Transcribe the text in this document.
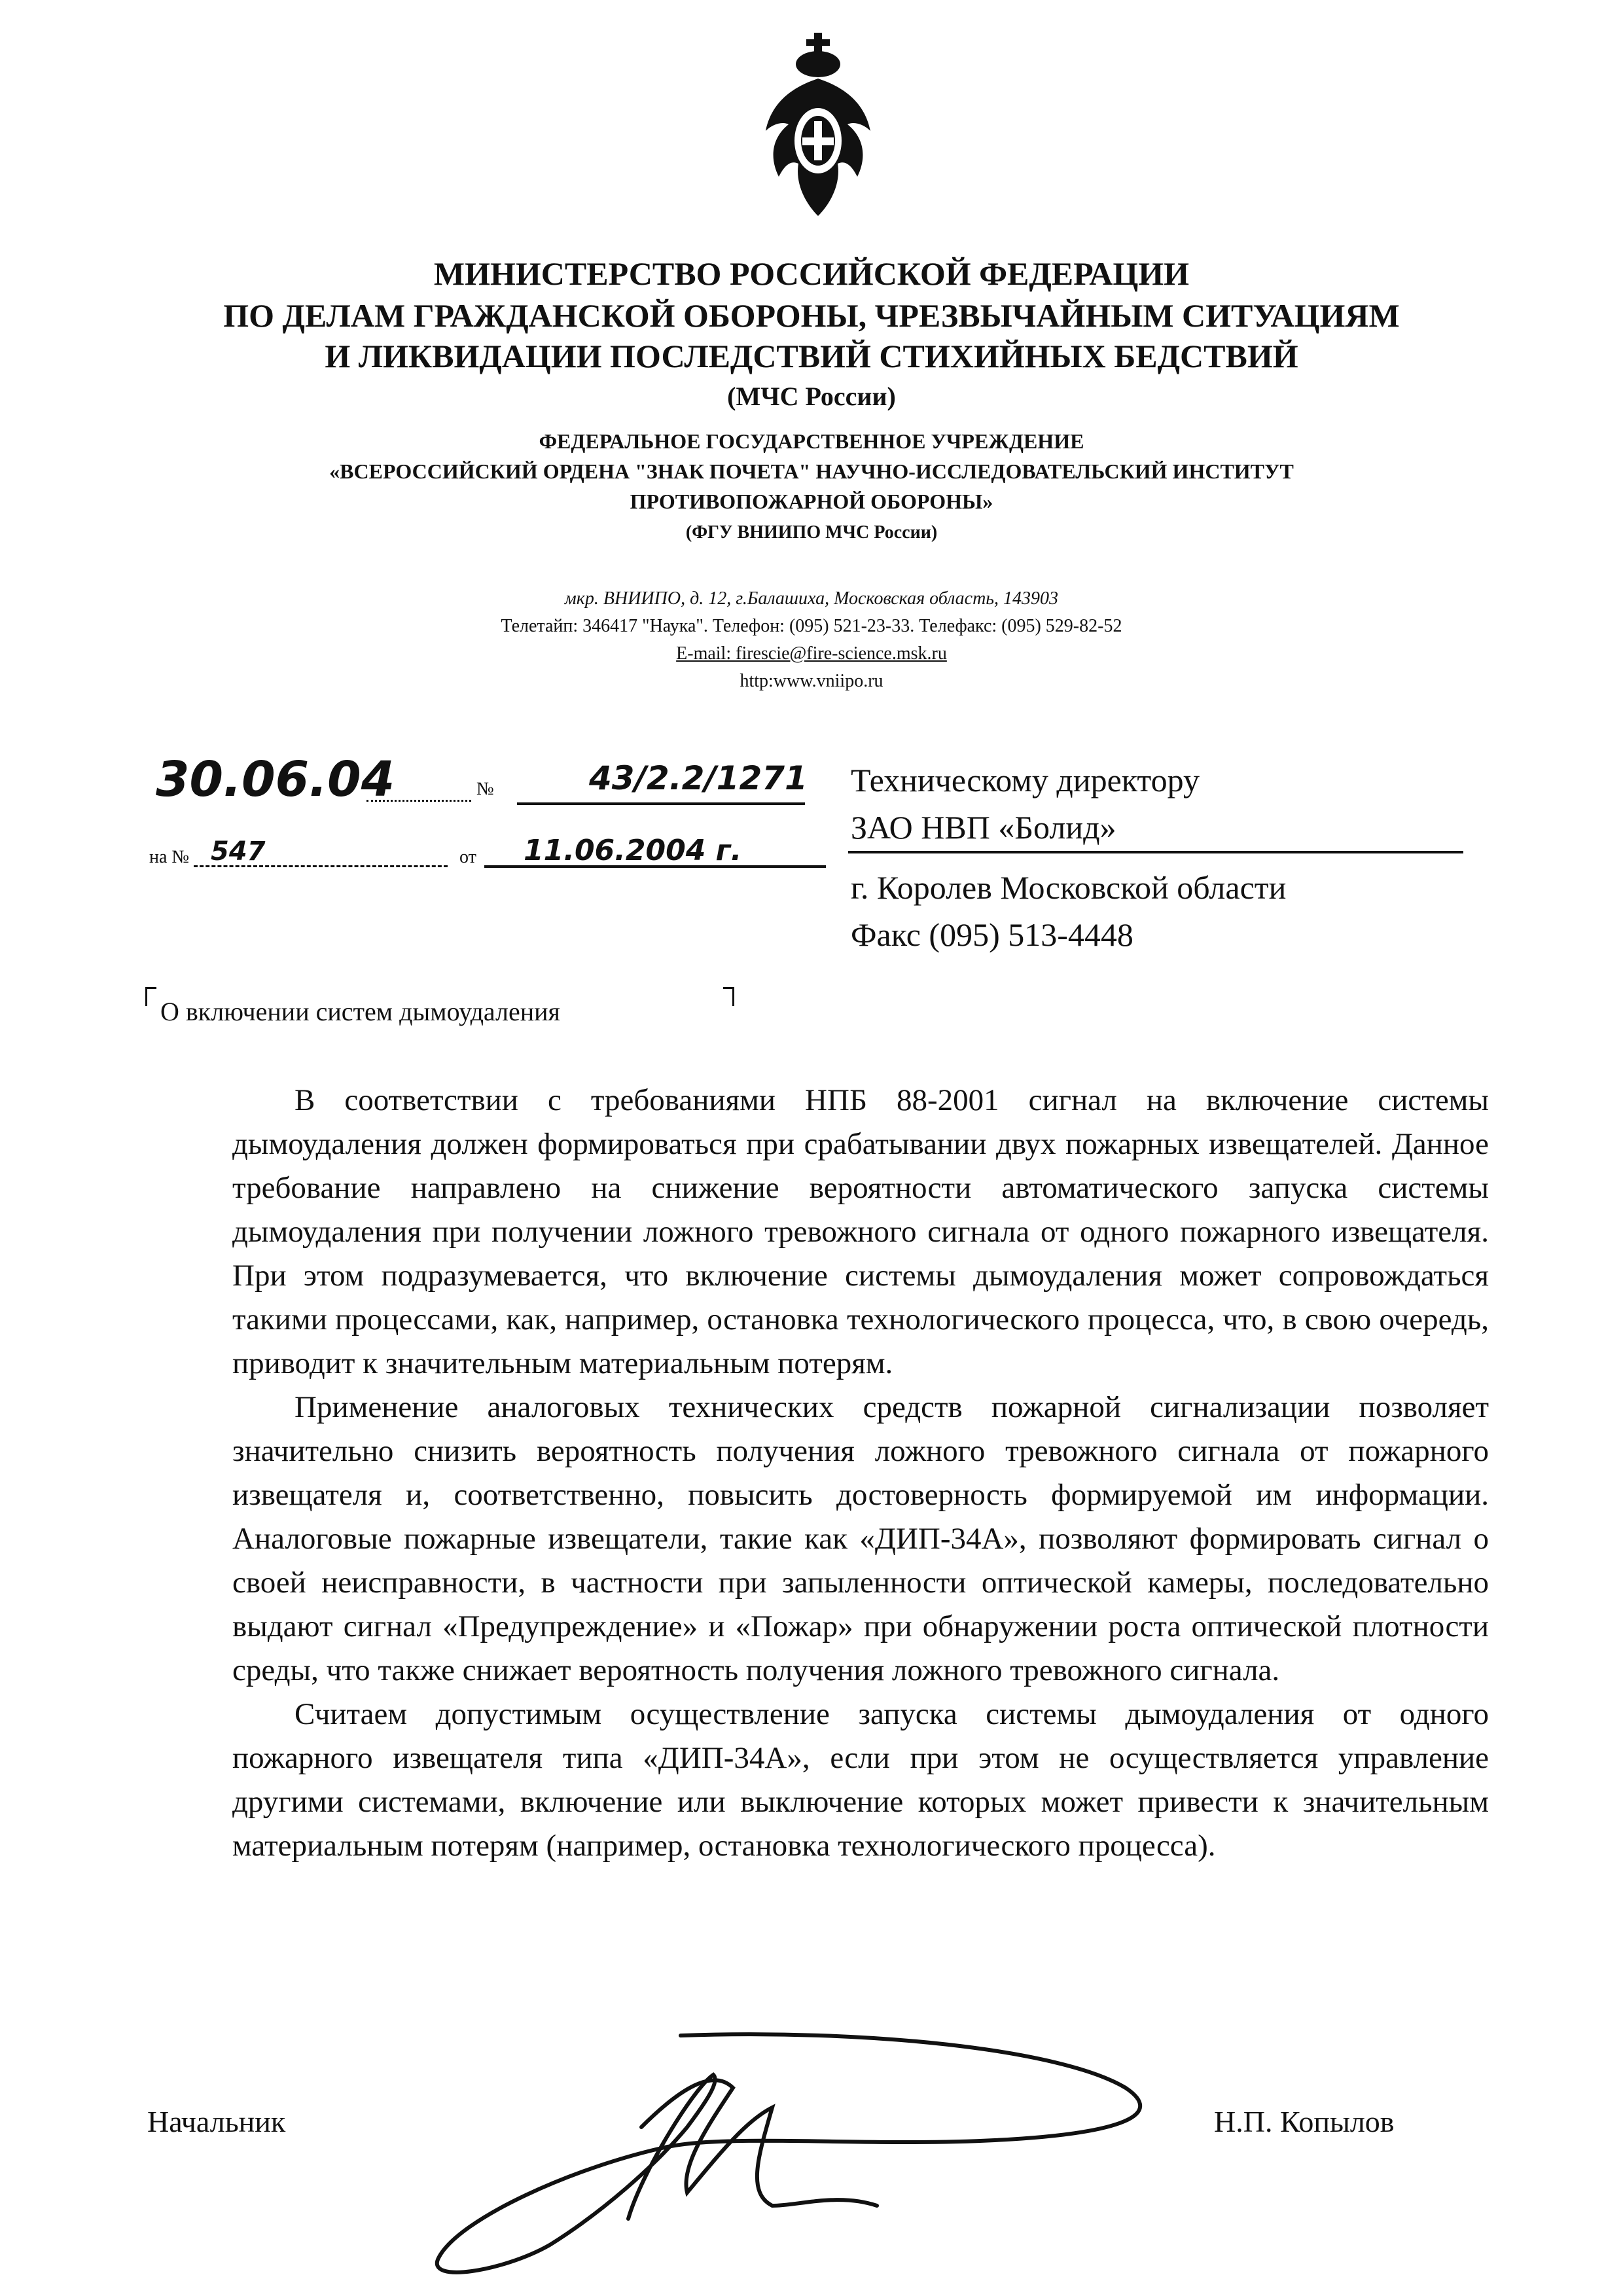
МИНИСТЕРСТВО РОССИЙСКОЙ ФЕДЕРАЦИИ
ПО ДЕЛАМ ГРАЖДАНСКОЙ ОБОРОНЫ, ЧРЕЗВЫЧАЙНЫМ СИТУАЦИЯМ
И ЛИКВИДАЦИИ ПОСЛЕДСТВИЙ СТИХИЙНЫХ БЕДСТВИЙ
(МЧС России)
ФЕДЕРАЛЬНОЕ ГОСУДАРСТВЕННОЕ УЧРЕЖДЕНИЕ
«ВСЕРОССИЙСКИЙ ОРДЕНА "ЗНАК ПОЧЕТА" НАУЧНО-ИССЛЕДОВАТЕЛЬСКИЙ ИНСТИТУТ
ПРОТИВОПОЖАРНОЙ ОБОРОНЫ»
(ФГУ ВНИИПО МЧС России)
мкр. ВНИИПО, д. 12, г.Балашиха, Московская область, 143903
Телетайп: 346417 "Наука". Телефон: (095) 521-23-33. Телефакс: (095) 529-82-52
E-mail: firescie@fire-science.msk.ru
http:www.vniipo.ru
30.06.04	№	43/2.2/1271
на № 547	от 11.06.2004 г.
Техническому директору
ЗАО НВП «Болид»
г. Королев Московской области
Факс (095) 513-4448
О включении систем дымоудаления

В соответствии с требованиями НПБ 88-2001 сигнал на включение системы дымоудаления должен формироваться при срабатывании двух пожарных извещателей. Данное требование направлено на снижение вероятности автоматического запуска системы дымоудаления при получении ложного тревожного сигнала от одного пожарного извещателя. При этом подразумевается, что включение системы дымоудаления может сопровождаться такими процессами, как, например, остановка технологического процесса, что, в свою очередь, приводит к значительным материальным потерям.

Применение аналоговых технических средств пожарной сигнализации позволяет значительно снизить вероятность получения ложного тревожного сигнала от пожарного извещателя и, соответственно, повысить достоверность формируемой им информации. Аналоговые пожарные извещатели, такие как «ДИП-34А», позволяют формировать сигнал о своей неисправности, в частности при запыленности оптической камеры, последовательно выдают сигнал «Предупреждение» и «Пожар» при обнаружении роста оптической плотности среды, что также снижает вероятность получения ложного тревожного сигнала.

Считаем допустимым осуществление запуска системы дымоудаления от одного пожарного извещателя типа «ДИП-34А», если при этом не осуществляется управление другими системами, включение или выключение которых может привести к значительным материальным потерям (например, остановка технологического процесса).

Начальник	Н.П. Копылов
